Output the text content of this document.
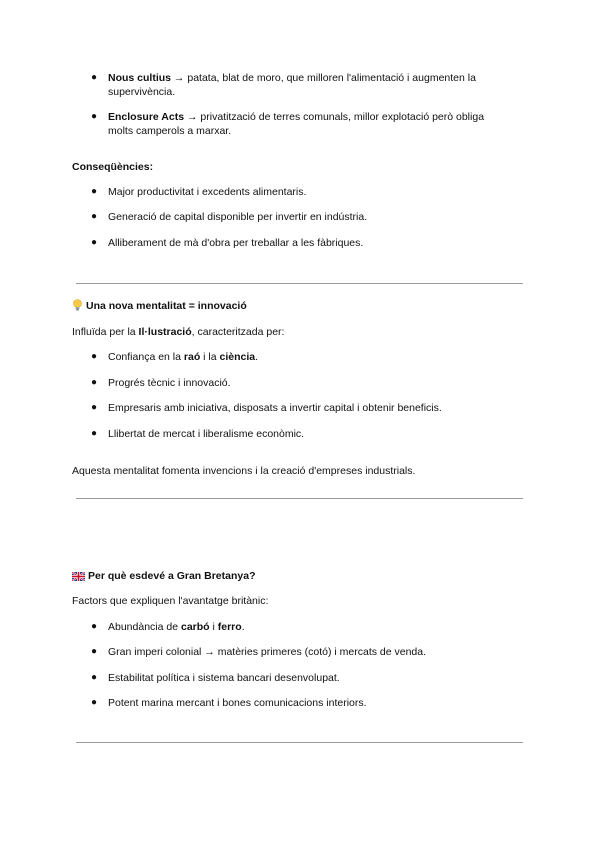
● Nous cultius → patata, blat de moro, que milloren l'alimentació i augmenten la supervivència.
● Enclosure Acts → privatització de terres comunals, millor explotació però obliga molts camperols a marxar.
Conseqüències:
● Major productivitat i excedents alimentaris.
● Generació de capital disponible per invertir en indústria.
● Alliberament de mà d'obra per treballar a les fàbriques.
Una nova mentalitat = innovació
Influïda per la Il·lustració, caracteritzada per:
● Confiança en la raó i la ciència.
● Progrés tècnic i innovació.
● Empresaris amb iniciativa, disposats a invertir capital i obtenir beneficis.
● Llibertat de mercat i liberalisme econòmic.
Aquesta mentalitat fomenta invencions i la creació d'empreses industrials.
Per què esdevé a Gran Bretanya?
Factors que expliquen l'avantatge britànic:
● Abundància de carbó i ferro.
● Gran imperi colonial → matèries primeres (cotó) i mercats de venda.
● Estabilitat política i sistema bancari desenvolupat.
● Potent marina mercant i bones comunicacions interiors.
